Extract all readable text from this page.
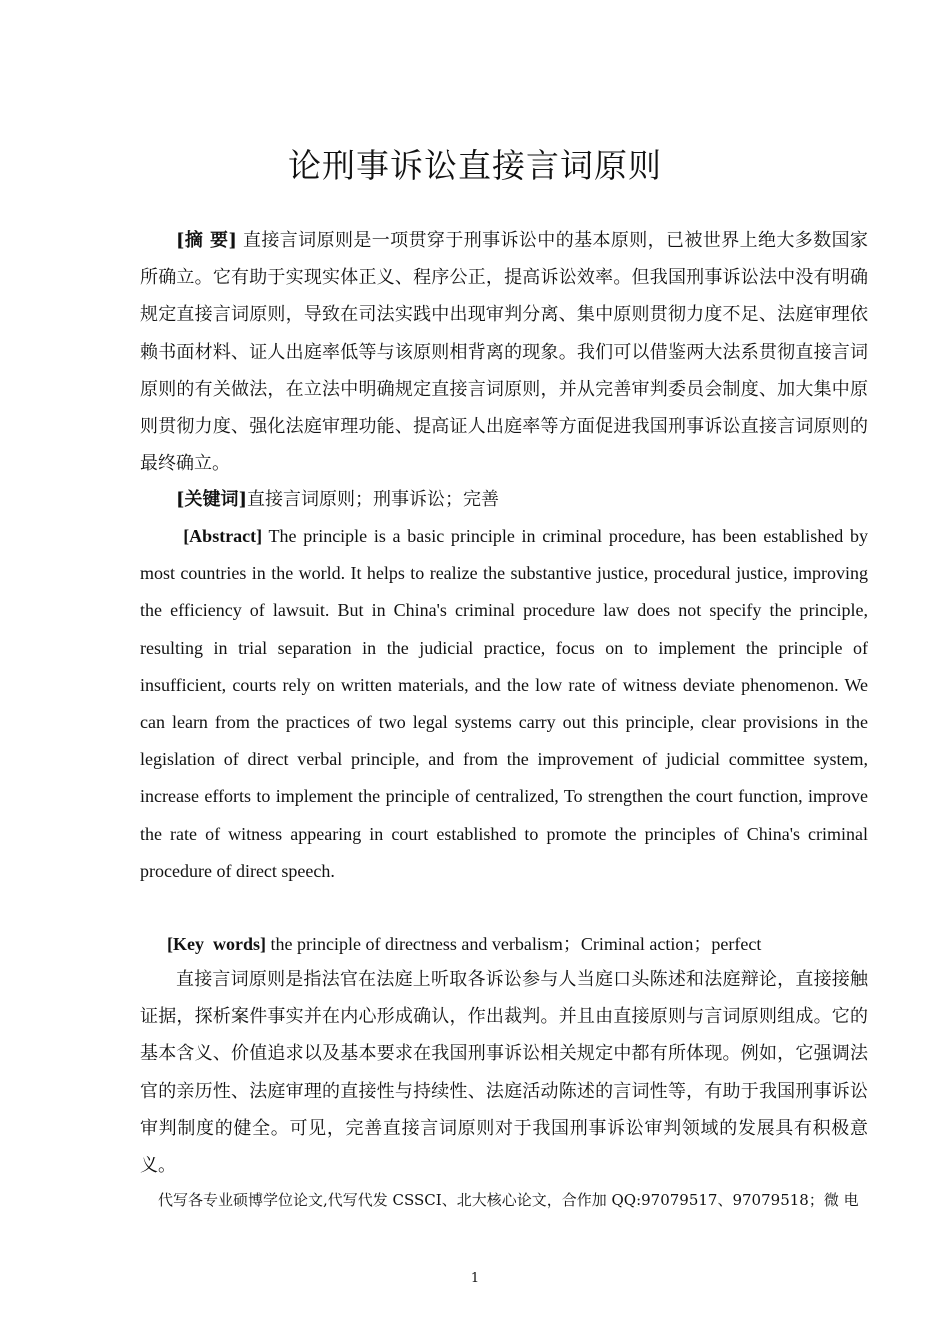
论刑事诉讼直接言词原则

[摘 要] 直接言词原则是一项贯穿于刑事诉讼中的基本原则，已被世界上绝大多数国家所确立。它有助于实现实体正义、程序公正，提高诉讼效率。但我国刑事诉讼法中没有明确规定直接言词原则，导致在司法实践中出现审判分离、集中原则贯彻力度不足、法庭审理依赖书面材料、证人出庭率低等与该原则相背离的现象。我们可以借鉴两大法系贯彻直接言词原则的有关做法，在立法中明确规定直接言词原则，并从完善审判委员会制度、加大集中原则贯彻力度、强化法庭审理功能、提高证人出庭率等方面促进我国刑事诉讼直接言词原则的最终确立。

[关键词]直接言词原则；刑事诉讼；完善

[Abstract] The principle is a basic principle in criminal procedure, has been established by most countries in the world. It helps to realize the substantive justice, procedural justice, improving the efficiency of lawsuit. But in China's criminal procedure law does not specify the principle, resulting in trial separation in the judicial practice, focus on to implement the principle of insufficient, courts rely on written materials, and the low rate of witness deviate phenomenon. We can learn from the practices of two legal systems carry out this principle, clear provisions in the legislation of direct verbal principle, and from the improvement of judicial committee system, increase efforts to implement the principle of centralized, To strengthen the court function, improve the rate of witness appearing in court established to promote the principles of China's criminal procedure of direct speech.

[Key  words] the principle of directness and verbalism；Criminal action；perfect

直接言词原则是指法官在法庭上听取各诉讼参与人当庭口头陈述和法庭辩论，直接接触证据，探析案件事实并在内心形成确认，作出裁判。并且由直接原则与言词原则组成。它的基本含义、价值追求以及基本要求在我国刑事诉讼相关规定中都有所体现。例如，它强调法官的亲历性、法庭审理的直接性与持续性、法庭活动陈述的言词性等，有助于我国刑事诉讼审判制度的健全。可见，完善直接言词原则对于我国刑事诉讼审判领域的发展具有积极意义。

代写各专业硕博学位论文,代写代发 CSSCI、北大核心论文，合作加 QQ:97079517、97079518；微 电
1
